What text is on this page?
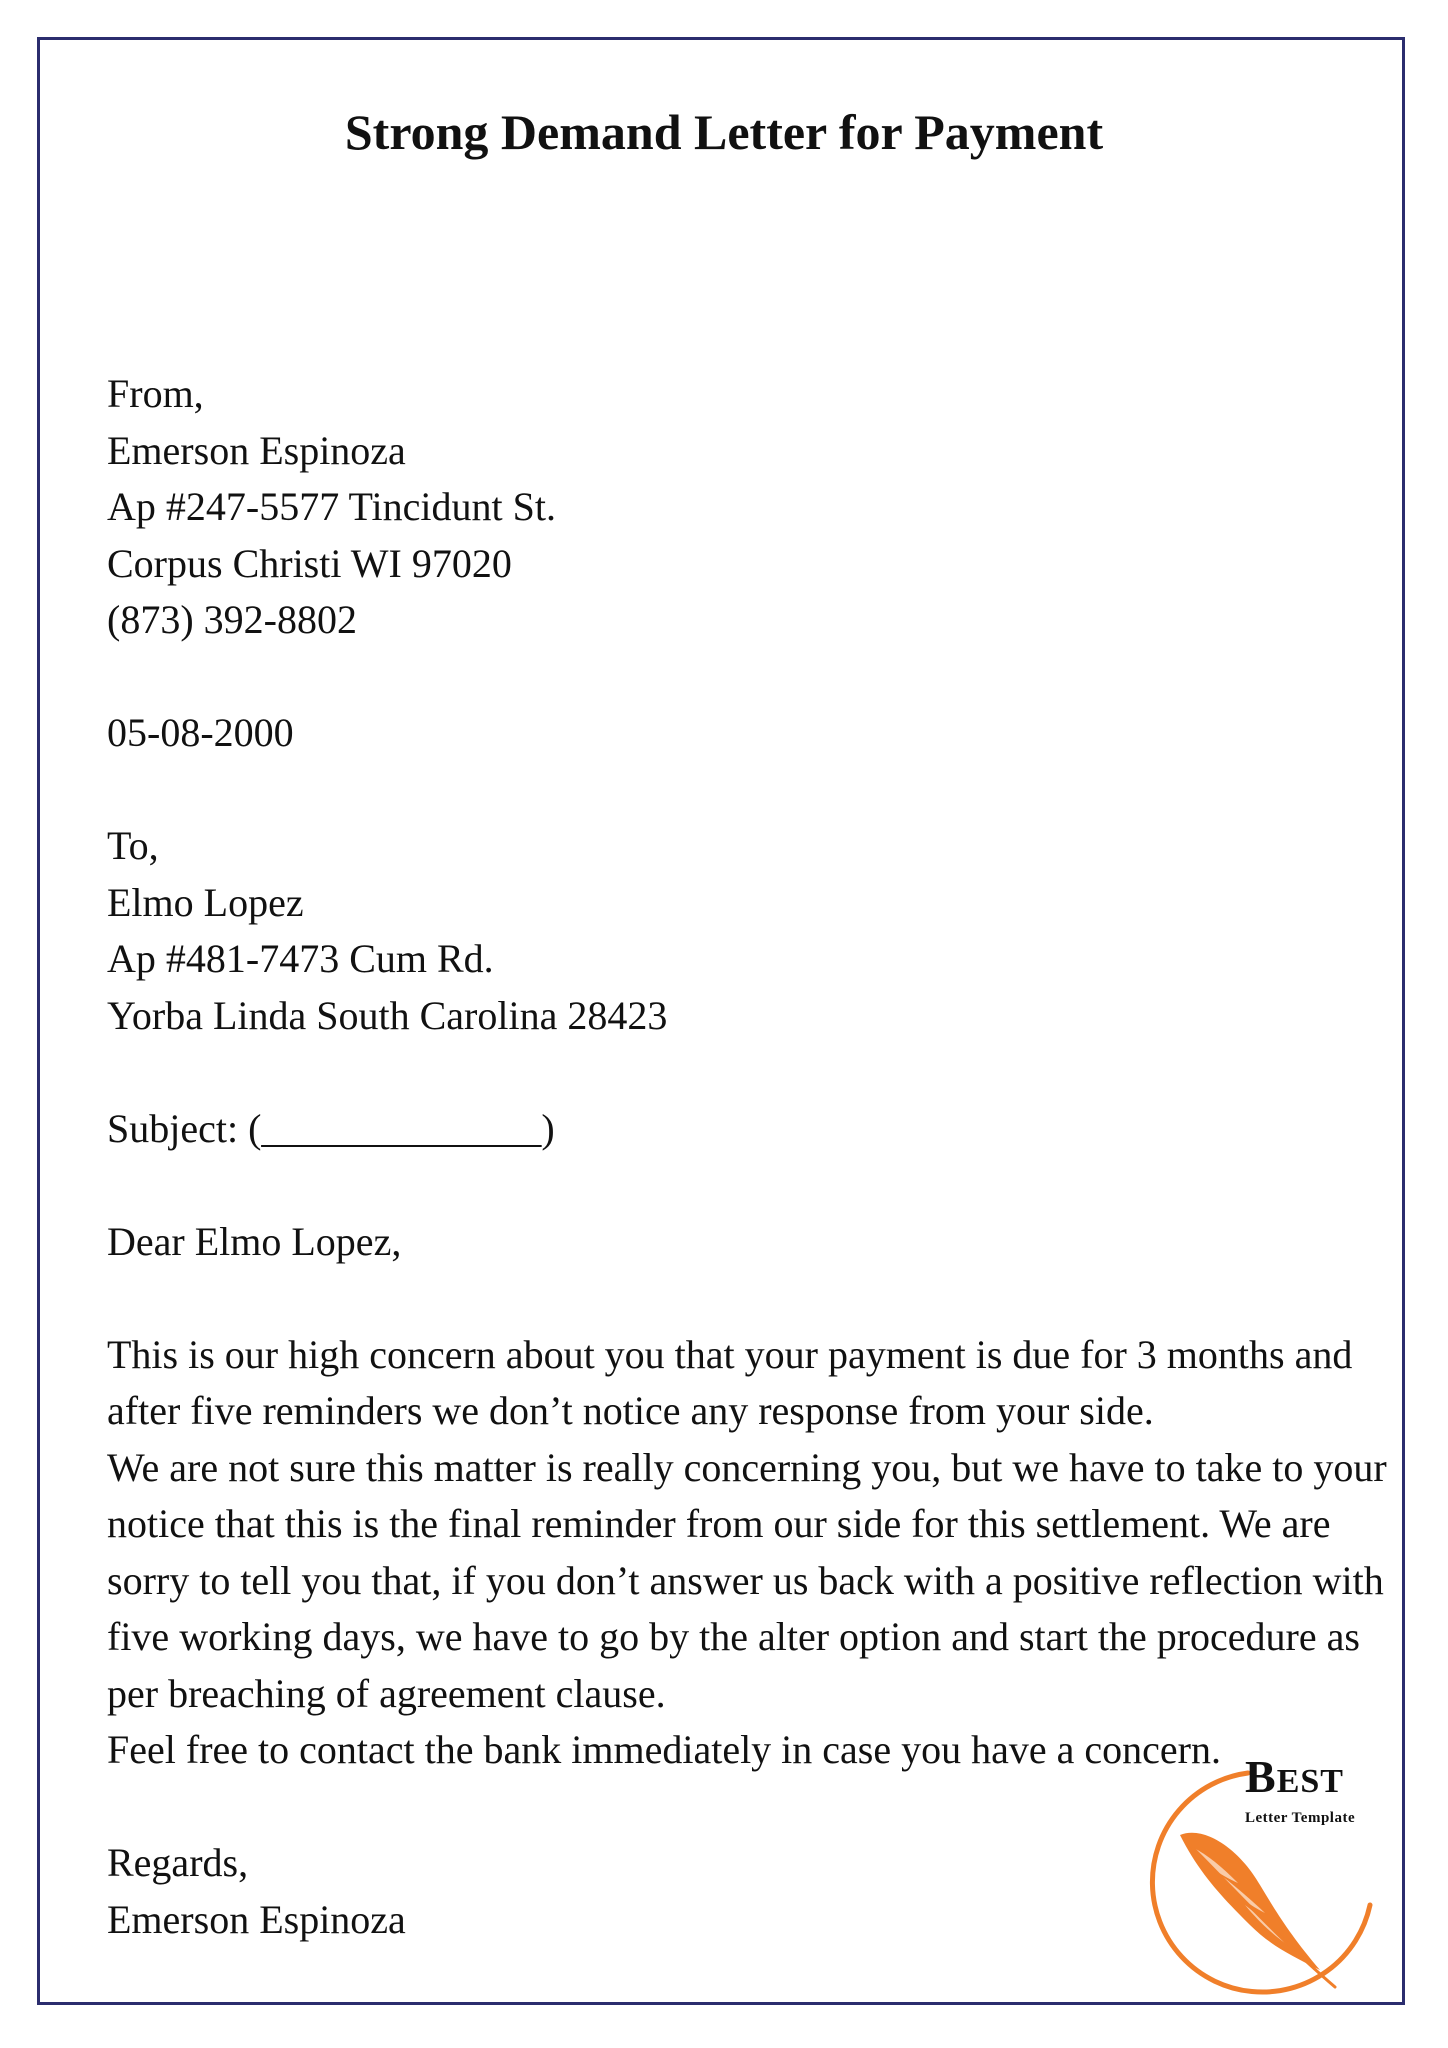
Strong Demand Letter for Payment

From,

Emerson Espinoza

Ap #247-5577 Tincidunt St.

Corpus Christi WI 97020

(873) 392-8802

05-08-2000

To,

Elmo Lopez

Ap #481-7473 Cum Rd.

Yorba Linda South Carolina 28423

Subject: (______________)

Dear Elmo Lopez,

This is our high concern about you that your payment is due for 3 months and

after five reminders we don’t notice any response from your side.

We are not sure this matter is really concerning you, but we have to take to your

notice that this is the final reminder from our side for this settlement. We are

sorry to tell you that, if you don’t answer us back with a positive reflection with

five working days, we have to go by the alter option and start the procedure as

per breaching of agreement clause.

Feel free to contact the bank immediately in case you have a concern.

Regards,

Emerson Espinoza

BEST
Letter Template
